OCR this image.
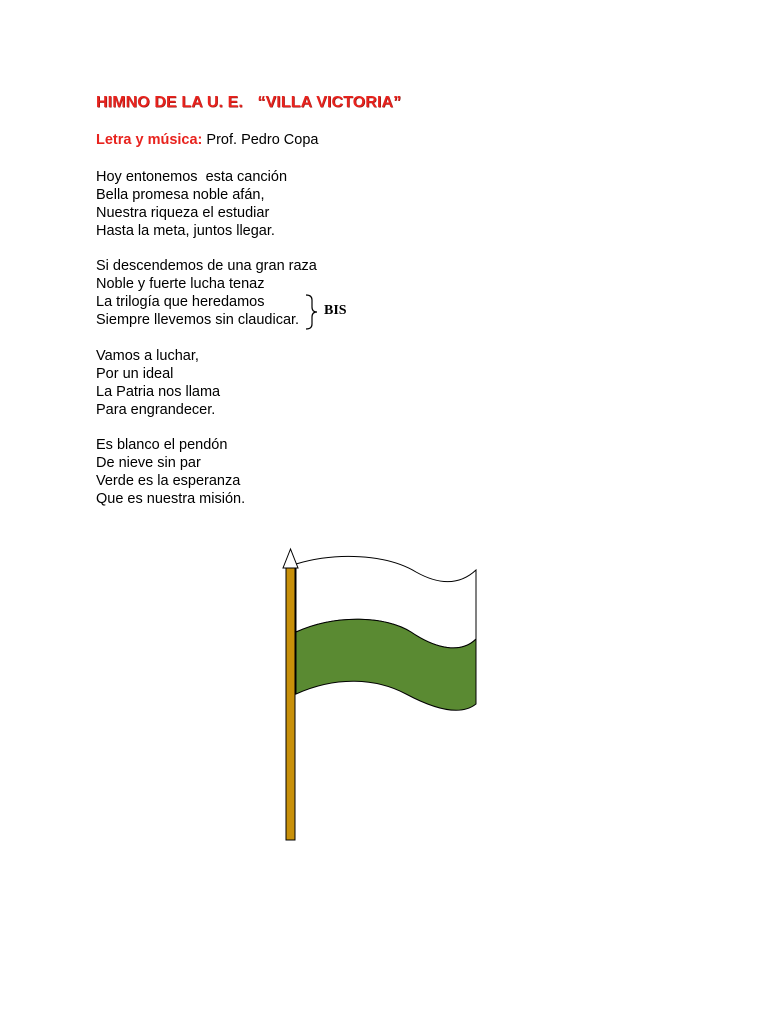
HIMNO DE LA U. E. “VILLA VICTORIA”
Letra y música: Prof. Pedro Copa

Hoy entonemos  esta canción
Bella promesa noble afán,
Nuestra riqueza el estudiar
Hasta la meta, juntos llegar.

Si descendemos de una gran raza
Noble y fuerte lucha tenaz
La trilogía que heredamos
Siempre llevemos sin claudicar.

BIS

Vamos a luchar,
Por un ideal
La Patria nos llama
Para engrandecer.

Es blanco el pendón
De nieve sin par
Verde es la esperanza
Que es nuestra misión.
